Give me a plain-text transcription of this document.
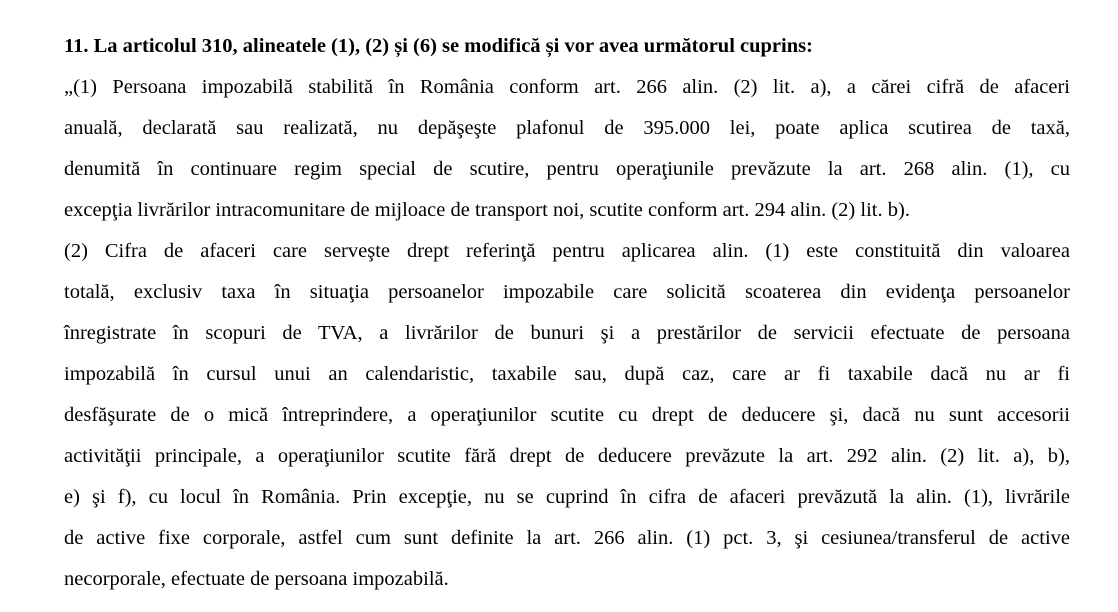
11. La articolul 310, alineatele (1), (2) și (6) se modifică și vor avea următorul cuprins:
„(1) Persoana impozabilă stabilită în România conform art. 266 alin. (2) lit. a), a cărei cifră de afaceri
anuală, declarată sau realizată, nu depăşeşte plafonul de 395.000 lei, poate aplica scutirea de taxă,
denumită în continuare regim special de scutire, pentru operaţiunile prevăzute la art. 268 alin. (1), cu
excepţia livrărilor intracomunitare de mijloace de transport noi, scutite conform art. 294 alin. (2) lit. b).
(2) Cifra de afaceri care serveşte drept referinţă pentru aplicarea alin. (1) este constituită din valoarea
totală, exclusiv taxa în situaţia persoanelor impozabile care solicită scoaterea din evidenţa persoanelor
înregistrate în scopuri de TVA, a livrărilor de bunuri şi a prestărilor de servicii efectuate de persoana
impozabilă în cursul unui an calendaristic, taxabile sau, după caz, care ar fi taxabile dacă nu ar fi
desfăşurate de o mică întreprindere, a operaţiunilor scutite cu drept de deducere şi, dacă nu sunt accesorii
activităţii principale, a operaţiunilor scutite fără drept de deducere prevăzute la art. 292 alin. (2) lit. a), b),
e) şi f), cu locul în România. Prin excepţie, nu se cuprind în cifra de afaceri prevăzută la alin. (1), livrările
de active fixe corporale, astfel cum sunt definite la art. 266 alin. (1) pct. 3, şi cesiunea/transferul de active
necorporale, efectuate de persoana impozabilă.
